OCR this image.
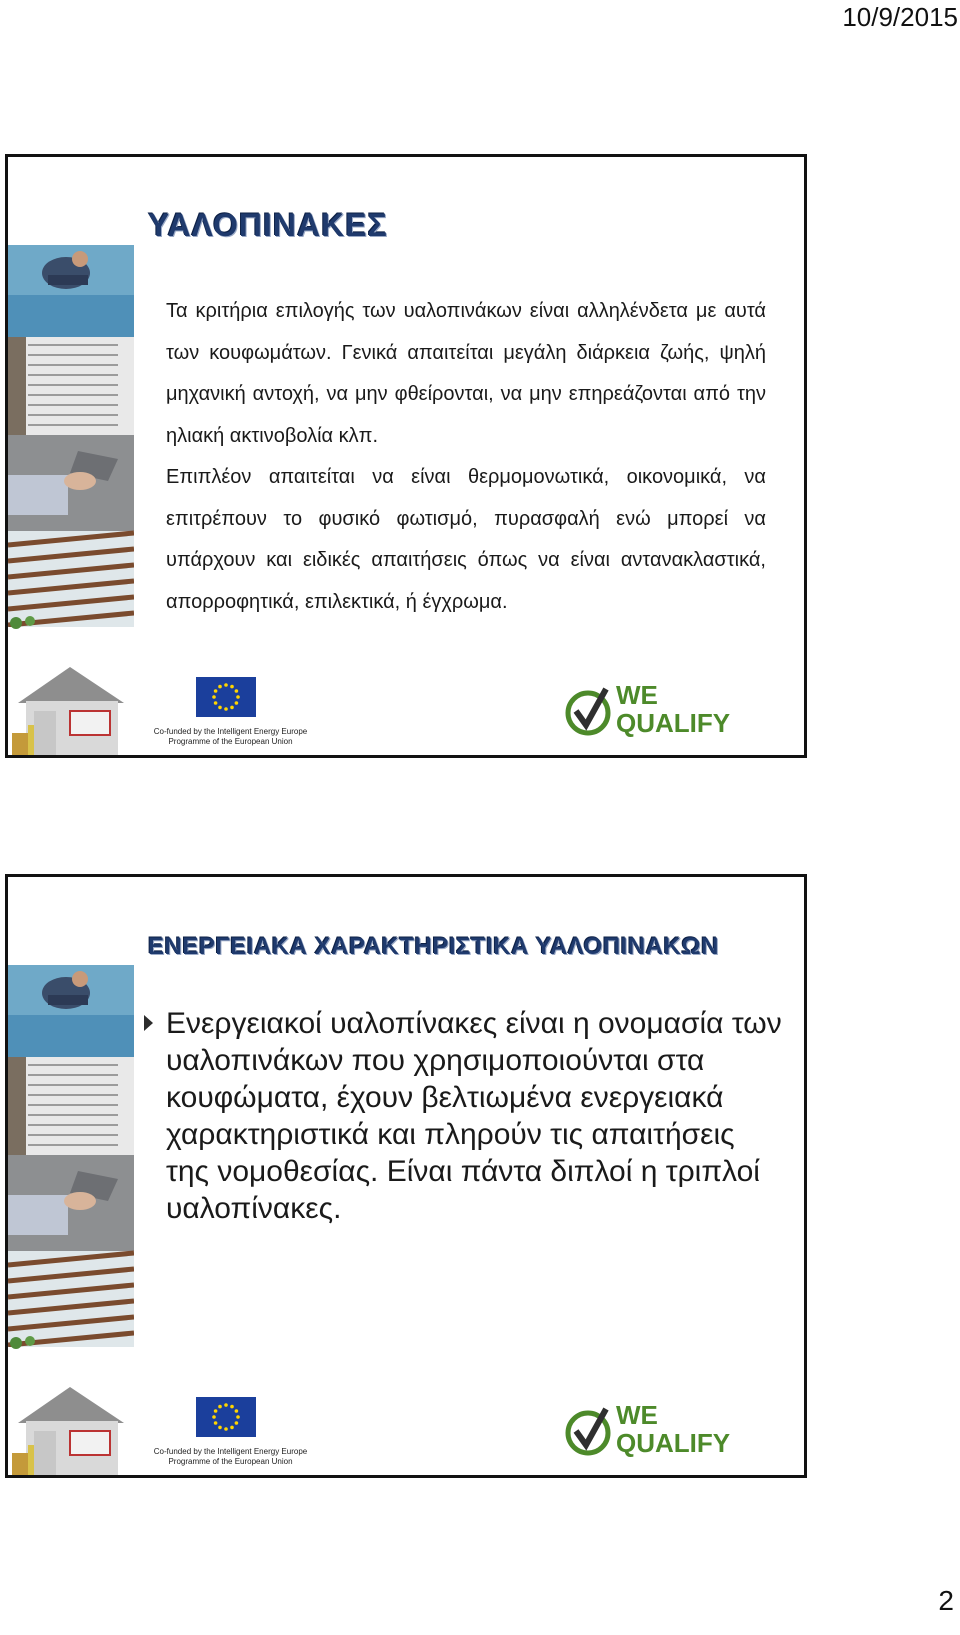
10/9/2015
ΥΑΛΟΠΙΝΑΚΕΣ

Τα κριτήρια επιλογής των υαλοπινάκων είναι αλληλένδετα με αυτά των κουφωμάτων. Γενικά απαιτείται μεγάλη διάρκεια ζωής, ψηλή μηχανική αντοχή, να μην φθείρονται, να μην επηρεάζονται από την ηλιακή ακτινοβολία κλπ.

Επιπλέον απαιτείται να είναι θερμομονωτικά, οικονομικά, να επιτρέπουν το φυσικό φωτισμό, πυρασφαλή ενώ μπορεί να υπάρχουν και ειδικές απαιτήσεις όπως να είναι αντανακλαστικά, απορροφητικά, επιλεκτικά, ή έγχρωμα.

Co-funded by the Intelligent Energy Europe
Programme of the European Union
WE
QUALIFY
ΕΝΕΡΓΕΙΑΚΑ ΧΑΡΑΚΤΗΡΙΣΤΙΚΑ ΥΑΛΟΠΙΝΑΚΩΝ
Ενεργειακοί υαλοπίνακες είναι η ονομασία των υαλοπινάκων που χρησιμοποιούνται στα κουφώματα, έχουν βελτιωμένα ενεργειακά χαρακτηριστικά και πληρούν τις απαιτήσεις της νομοθεσίας. Είναι πάντα διπλοί η τριπλοί υαλοπίνακες.
Co-funded by the Intelligent Energy Europe
Programme of the European Union
WE
QUALIFY
2
